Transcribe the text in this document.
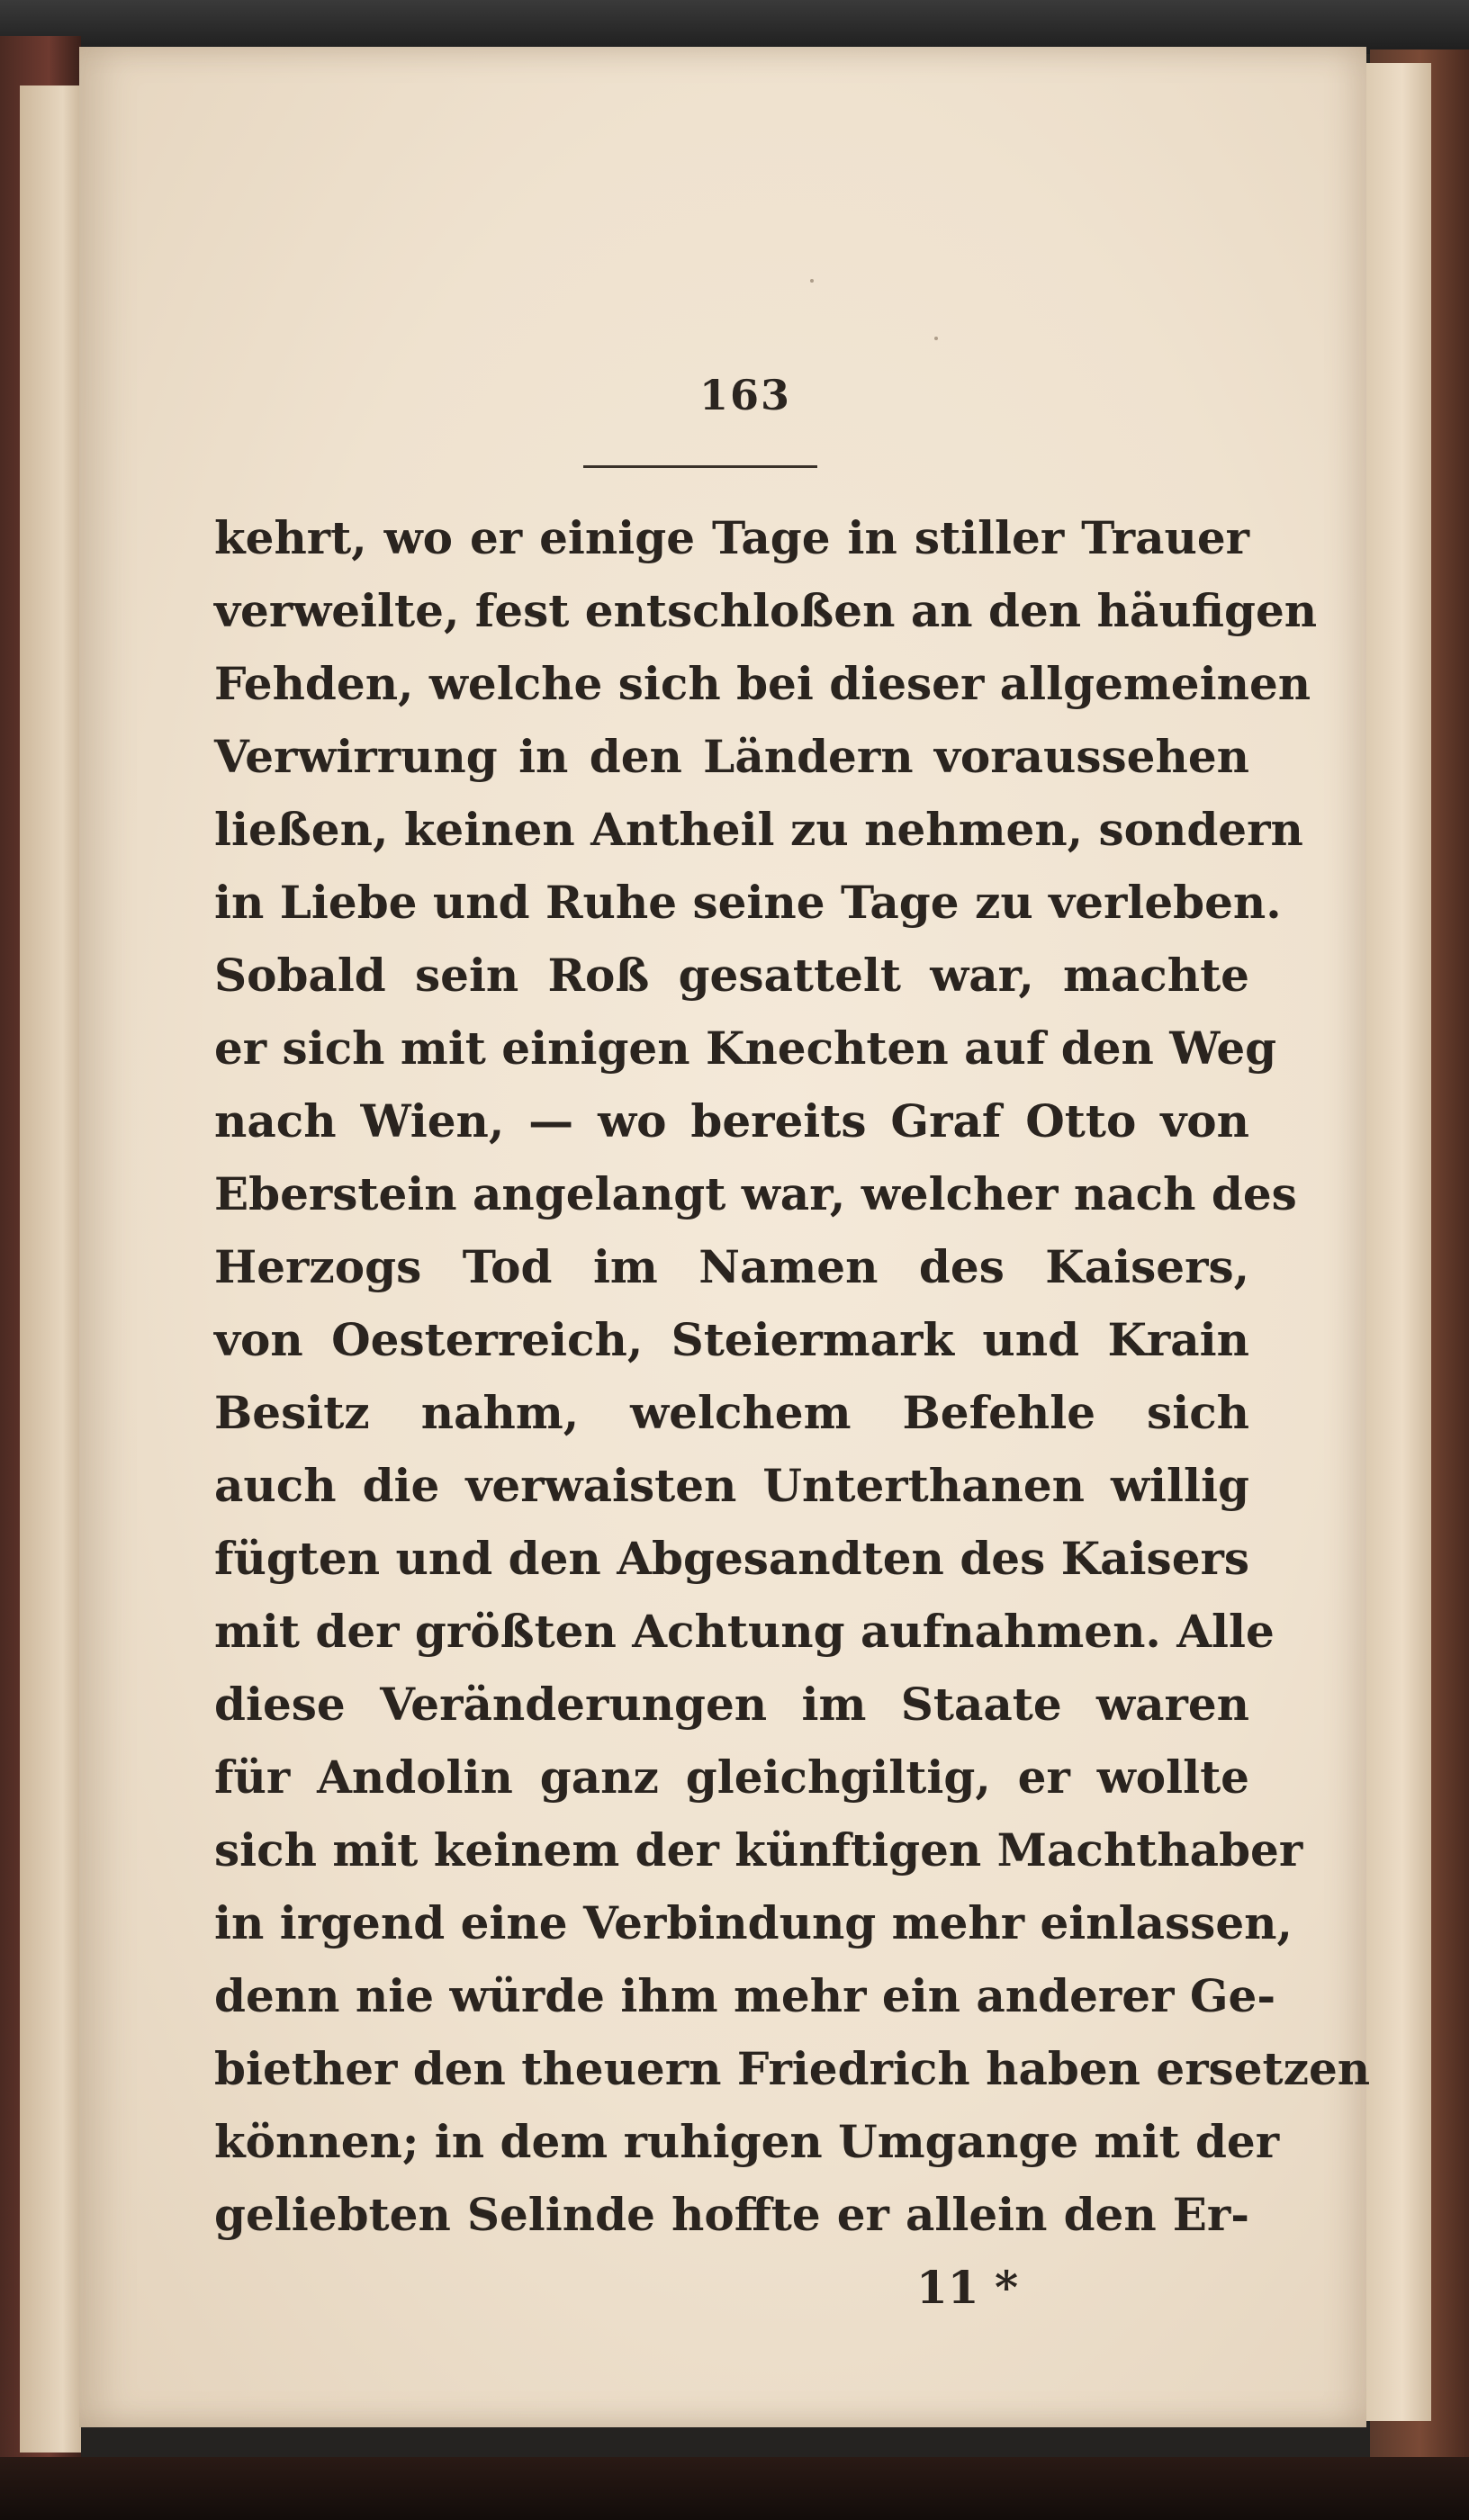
163
kehrt, wo er einige Tage in stiller Trauer
verweilte, fest entschloßen an den häufigen
Fehden, welche sich bei dieser allgemeinen
Verwirrung in den Ländern voraussehen
ließen, keinen Antheil zu nehmen, sondern
in Liebe und Ruhe seine Tage zu verleben.
Sobald sein Roß gesattelt war, machte
er sich mit einigen Knechten auf den Weg
nach Wien, — wo bereits Graf Otto von
Eberstein angelangt war, welcher nach des
Herzogs Tod im Namen des Kaisers,
von Oesterreich, Steiermark und Krain
Besitz nahm, welchem Befehle sich
auch die verwaisten Unterthanen willig
fügten und den Abgesandten des Kaisers
mit der größten Achtung aufnahmen. Alle
diese Veränderungen im Staate waren
für Andolin ganz gleichgiltig, er wollte
sich mit keinem der künftigen Machthaber
in irgend eine Verbindung mehr einlassen,
denn nie würde ihm mehr ein anderer Ge-
biether den theuern Friedrich haben ersetzen
können; in dem ruhigen Umgange mit der
geliebten Selinde hoffte er allein den Er-
11 *
